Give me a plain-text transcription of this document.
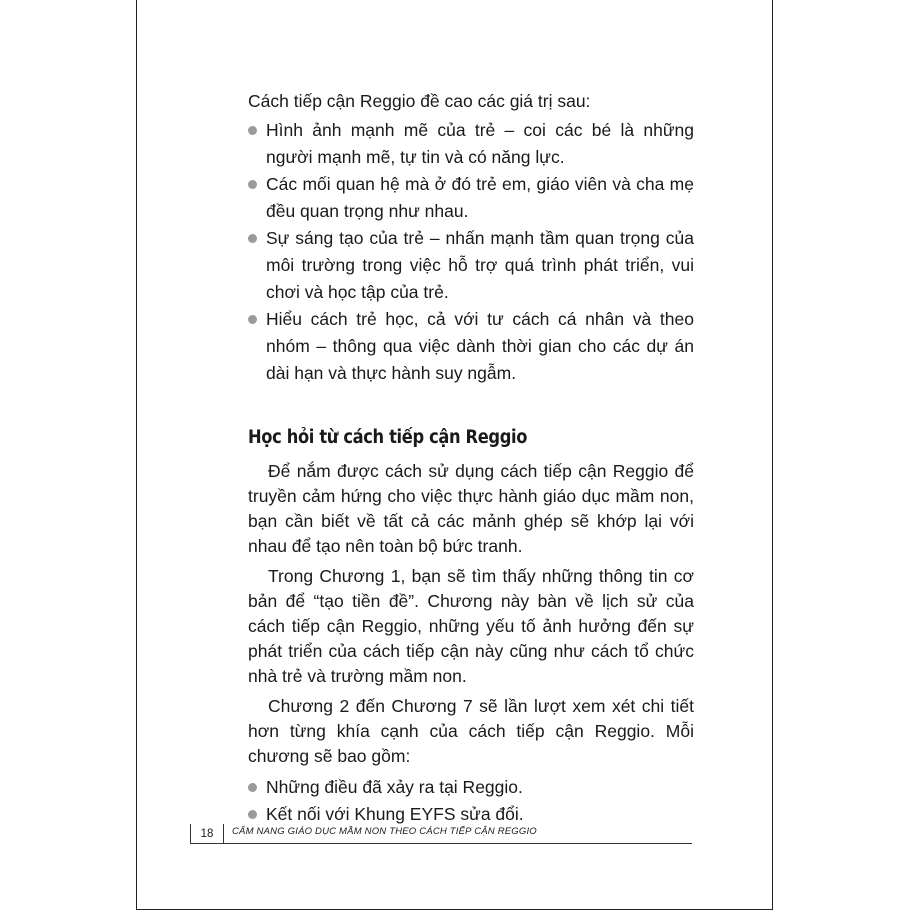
Cách tiếp cận Reggio đề cao các giá trị sau:

Hình ảnh mạnh mẽ của trẻ – coi các bé là những người mạnh mẽ, tự tin và có năng lực.
Các mối quan hệ mà ở đó trẻ em, giáo viên và cha mẹ đều quan trọng như nhau.
Sự sáng tạo của trẻ – nhấn mạnh tầm quan trọng của môi trường trong việc hỗ trợ quá trình phát triển, vui chơi và học tập của trẻ.
Hiểu cách trẻ học, cả với tư cách cá nhân và theo nhóm – thông qua việc dành thời gian cho các dự án dài hạn và thực hành suy ngẫm.
Học hỏi từ cách tiếp cận Reggio

Để nắm được cách sử dụng cách tiếp cận Reggio để truyền cảm hứng cho việc thực hành giáo dục mầm non, bạn cần biết về tất cả các mảnh ghép sẽ khớp lại với nhau để tạo nên toàn bộ bức tranh.

Trong Chương 1, bạn sẽ tìm thấy những thông tin cơ bản để “tạo tiền đề”. Chương này bàn về lịch sử của cách tiếp cận Reggio, những yếu tố ảnh hưởng đến sự phát triển của cách tiếp cận này cũng như cách tổ chức nhà trẻ và trường mầm non.

Chương 2 đến Chương 7 sẽ lần lượt xem xét chi tiết hơn từng khía cạnh của cách tiếp cận Reggio. Mỗi chương sẽ bao gồm:

Những điều đã xảy ra tại Reggio.
Kết nối với Khung EYFS sửa đổi.
18	CẨM NANG GIÁO DỤC MẦM NON THEO CÁCH TIẾP CẬN REGGIO
